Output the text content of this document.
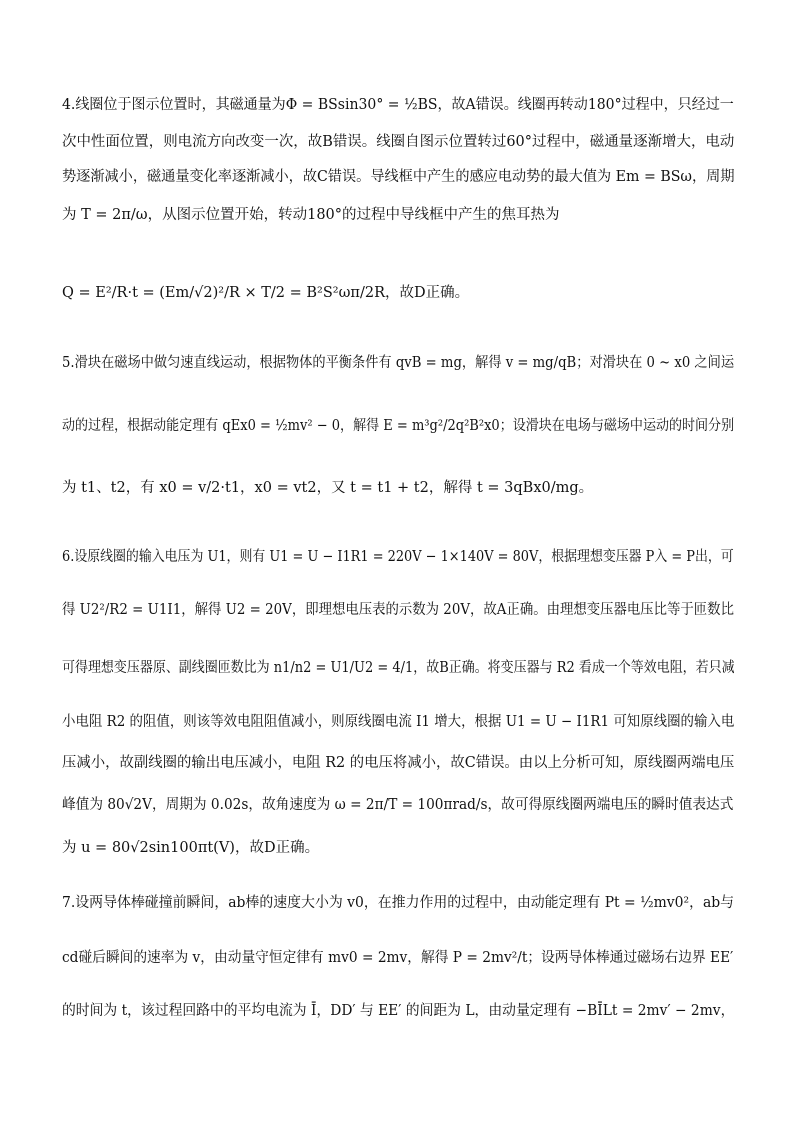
4.线圈位于图示位置时，其磁通量为Φ = BSsin30° = ½BS，故A错误。线圈再转动180°过程中，只经过一
次中性面位置，则电流方向改变一次，故B错误。线圈自图示位置转过60°过程中，磁通量逐渐增大，电动
势逐渐减小，磁通量变化率逐渐减小，故C错误。导线框中产生的感应电动势的最大值为 Em = BSω，周期
为 T = 2π/ω，从图示位置开始，转动180°的过程中导线框中产生的焦耳热为
Q = E²/R·t = (Em/√2)²/R × T/2 = B²S²ωπ/2R，故D正确。
5.滑块在磁场中做匀速直线运动，根据物体的平衡条件有 qvB = mg，解得 v = mg/qB；对滑块在 0 ~ x0 之间运
动的过程，根据动能定理有 qEx0 = ½mv² − 0，解得 E = m³g²/2q²B²x0；设滑块在电场与磁场中运动的时间分别
为 t1、t2，有 x0 = v/2·t1，x0 = vt2，又 t = t1 + t2，解得 t = 3qBx0/mg。
6.设原线圈的输入电压为 U1，则有 U1 = U − I1R1 = 220V − 1×140V = 80V，根据理想变压器 P入 = P出，可
得 U2²/R2 = U1I1，解得 U2 = 20V，即理想电压表的示数为 20V，故A正确。由理想变压器电压比等于匝数比
可得理想变压器原、副线圈匝数比为 n1/n2 = U1/U2 = 4/1，故B正确。将变压器与 R2 看成一个等效电阻，若只减
小电阻 R2 的阻值，则该等效电阻阻值减小，则原线圈电流 I1 增大，根据 U1 = U − I1R1 可知原线圈的输入电
压减小，故副线圈的输出电压减小，电阻 R2 的电压将减小，故C错误。由以上分析可知，原线圈两端电压
峰值为 80√2V，周期为 0.02s，故角速度为 ω = 2π/T = 100πrad/s，故可得原线圈两端电压的瞬时值表达式
为 u = 80√2sin100πt(V)，故D正确。
7.设两导体棒碰撞前瞬间，ab棒的速度大小为 v0，在推力作用的过程中，由动能定理有 Pt = ½mv0²，ab与
cd碰后瞬间的速率为 v，由动量守恒定律有 mv0 = 2mv，解得 P = 2mv²/t；设两导体棒通过磁场右边界 EE′
的时间为 t，该过程回路中的平均电流为 Ī，DD′ 与 EE′ 的间距为 L，由动量定理有 −BĪLt = 2mv′ − 2mv，
